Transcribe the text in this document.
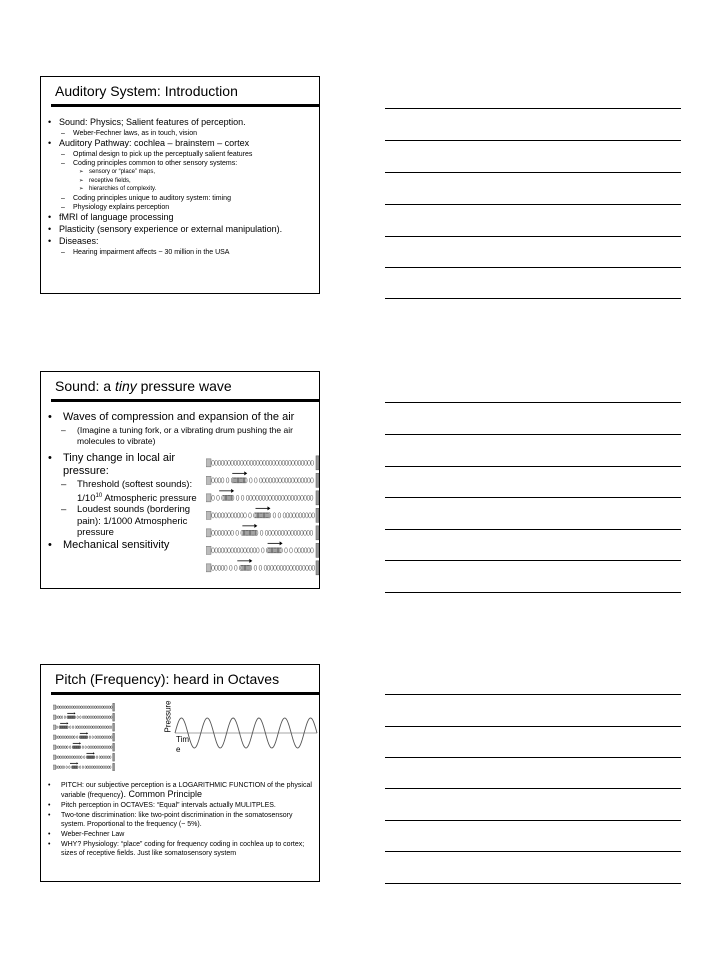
Auditory System: Introduction
• Sound: Physics; Salient features of perception.
– Weber-Fechner laws, as in touch, vision
• Auditory Pathway: cochlea – brainstem – cortex
– Optimal design to pick up the perceptually salient features
– Coding principles common to other sensory systems:
➢ sensory or “place” maps,
➢ receptive fields,
➢ hierarchies of complexity.
– Coding principles unique to auditory system: timing
– Physiology explains perception
• fMRI of language processing
• Plasticity (sensory experience or external manipulation).
• Diseases:
– Hearing impairment affects ~ 30 million in the USA
Sound: a tiny pressure wave
• Waves of compression and expansion of the air
– (Imagine a tuning fork, or a vibrating drum pushing the air molecules to vibrate)
• Tiny change in local air pressure:
– Threshold (softest sounds): $1/10^{10}$ Atmospheric pressure
– Loudest sounds (bordering pain): 1/1000 Atmospheric pressure
• Mechanical sensitivity
Pitch (Frequency): heard in Octaves
Pressure
Tim
e
• PITCH: our subjective perception is a LOGARITHMIC FUNCTION of the physical variable (frequency). Common Principle
• Pitch perception in OCTAVES: “Equal” intervals actually MULITPLES.
• Two-tone discrimination: like two-point discrimination in the somatosensory system. Proportional to the frequency (~ 5%).
• Weber-Fechner Law
• WHY? Physiology: “place” coding for frequency coding in cochlea up to cortex; sizes of receptive fields. Just like somatosensory system
